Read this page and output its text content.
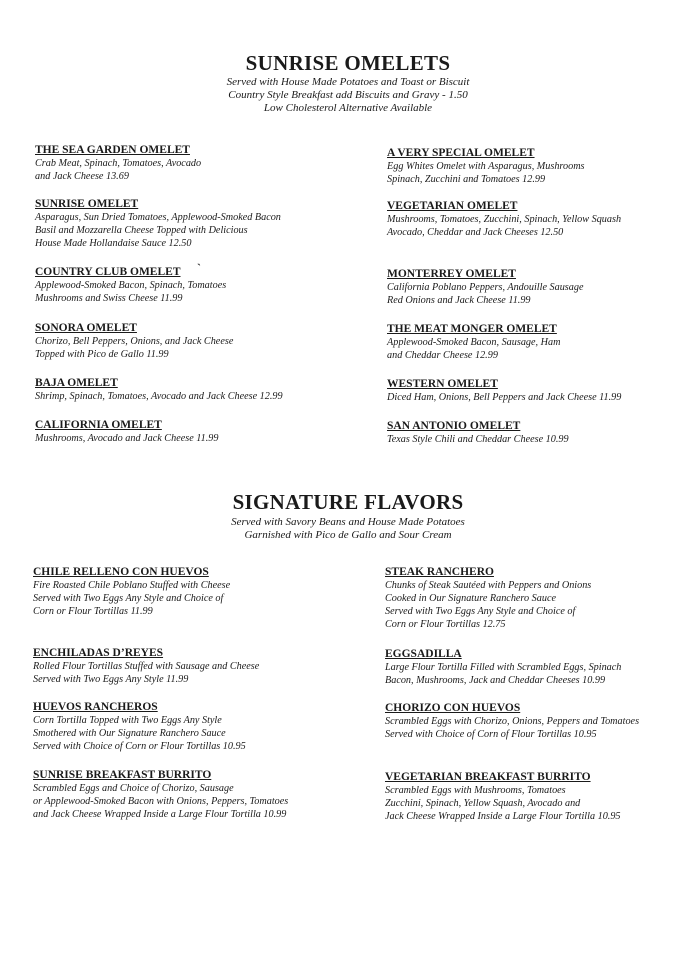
SUNRISE OMELETS
Served with House Made Potatoes and Toast or Biscuit
Country Style Breakfast add Biscuits and Gravy - 1.50
Low Cholesterol Alternative Available
THE SEA GARDEN OMELET
Crab Meat, Spinach, Tomatoes, Avocado
and Jack Cheese 13.69
SUNRISE OMELET
Asparagus, Sun Dried Tomatoes, Applewood-Smoked Bacon
Basil and Mozzarella Cheese Topped with Delicious
House Made Hollandaise Sauce 12.50
COUNTRY CLUB OMELET
Applewood-Smoked Bacon, Spinach, Tomatoes
Mushrooms and Swiss Cheese 11.99
SONORA OMELET
Chorizo, Bell Peppers, Onions, and Jack Cheese
Topped with Pico de Gallo 11.99
BAJA OMELET
Shrimp, Spinach, Tomatoes, Avocado and Jack Cheese 12.99
CALIFORNIA OMELET
Mushrooms, Avocado and Jack Cheese 11.99
`
A VERY SPECIAL OMELET
Egg Whites Omelet with Asparagus, Mushrooms
Spinach, Zucchini and Tomatoes 12.99
VEGETARIAN OMELET
Mushrooms, Tomatoes, Zucchini, Spinach, Yellow Squash
Avocado, Cheddar and Jack Cheeses 12.50
MONTERREY OMELET
California Poblano Peppers, Andouille Sausage
Red Onions and Jack Cheese 11.99
THE MEAT MONGER OMELET
Applewood-Smoked Bacon, Sausage, Ham
and Cheddar Cheese 12.99
WESTERN OMELET
Diced Ham, Onions, Bell Peppers and Jack Cheese 11.99
SAN ANTONIO OMELET
Texas Style Chili and Cheddar Cheese 10.99
SIGNATURE FLAVORS
Served with Savory Beans and House Made Potatoes
Garnished with Pico de Gallo and Sour Cream
CHILE RELLENO CON HUEVOS
Fire Roasted Chile Poblano Stuffed with Cheese
Served with Two Eggs Any Style and Choice of
Corn or Flour Tortillas 11.99
ENCHILADAS D’REYES
Rolled Flour Tortillas Stuffed with Sausage and Cheese
Served with Two Eggs Any Style 11.99
HUEVOS RANCHEROS
Corn Tortilla Topped with Two Eggs Any Style
Smothered with Our Signature Ranchero Sauce
Served with Choice of Corn or Flour Tortillas 10.95
SUNRISE BREAKFAST BURRITO
Scrambled Eggs and Choice of Chorizo, Sausage
or Applewood-Smoked Bacon with Onions, Peppers, Tomatoes
and Jack Cheese Wrapped Inside a Large Flour Tortilla 10.99
STEAK RANCHERO
Chunks of Steak Sautéed with Peppers and Onions
Cooked in Our Signature Ranchero Sauce
Served with Two Eggs Any Style and Choice of
Corn or Flour Tortillas 12.75
EGGSADILLA
Large Flour Tortilla Filled with Scrambled Eggs, Spinach
Bacon, Mushrooms, Jack and Cheddar Cheeses 10.99
CHORIZO CON HUEVOS
Scrambled Eggs with Chorizo, Onions, Peppers and Tomatoes
Served with Choice of Corn of Flour Tortillas 10.95
VEGETARIAN BREAKFAST BURRITO
Scrambled Eggs with Mushrooms, Tomatoes
Zucchini, Spinach, Yellow Squash, Avocado and
Jack Cheese Wrapped Inside a Large Flour Tortilla 10.95
